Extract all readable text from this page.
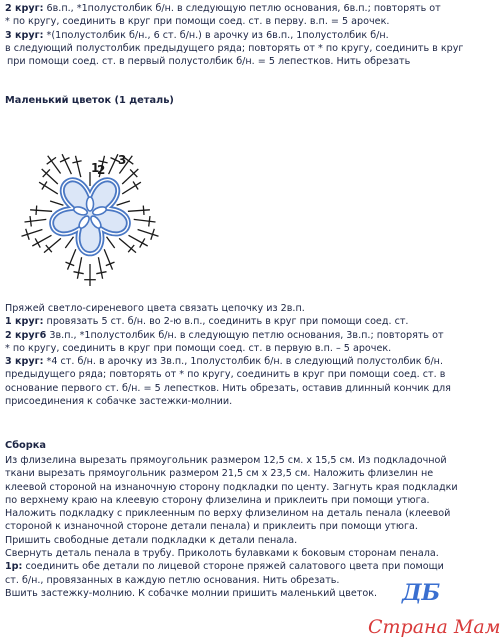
2 круг: 6в.п., *1полустолбик б/н. в следующую петлю основания, 6в.п.; повторять от

* по кругу, соединить в круг при помощи соед. ст. в перву. в.п. = 5 арочек.

3 круг: *(1полустолбик б/н., 6 ст. б/н.) в арочку из 6в.п., 1полустолбик б/н.

в следующий полустолбик предыдущего ряда; повторять от * по кругу, соединить в круг

при помощи соед. ст. в первый полустолбик б/н. = 5 лепестков. Нить обрезать

Маленький цветок (1 деталь)
1
2
3

Пряжей светло-сиреневого цвета связать цепочку из 2в.п.

1 круг: провязать 5 ст. б/н. во 2-ю в.п., соединить в круг при помощи соед. ст.

2 круг6 3в.п., *1полустолбик б/н. в следующую петлю основания, 3в.п.; повторять от

* по кругу, соединить в круг при помощи соед. ст. в первую в.п. – 5 арочек.

3 круг: *4 ст. б/н. в арочку из 3в.п., 1полустолбик б/н. в следующий полустолбик б/н.

предыдущего ряда; повторять от * по кругу, соединить в круг при помощи соед. ст. в

основание первого ст. б/н. = 5 лепестков. Нить обрезать, оставив длинный кончик для

присоединения к собачке застежки-молнии.

Сборка

Из флизелина вырезать прямоугольник размером 12,5 см. х 15,5 см. Из подкладочной

ткани вырезать прямоугольник размером 21,5 см х 23,5 см. Наложить флизелин не

клеевой стороной на изнаночную сторону подкладки по центу. Загнуть края подкладки

по верхнему краю на клеевую сторону флизелина и приклеить при помощи утюга.

Наложить подкладку с приклеенным по верху флизелином на деталь пенала (клеевой

стороной к изнаночной стороне детали пенала) и приклеить при помощи утюга.

Пришить свободные детали подкладки к детали пенала.

Свернуть деталь пенала в трубу. Приколоть булавками к боковым сторонам пенала.

1р: соединить обе детали по лицевой стороне пряжей салатового цвета при помощи

ст. б/н., провязанных в каждую петлю основания. Нить обрезать.

Вшить застежку-молнию. К собачке молнии пришить маленький цветок.	ДБ
Страна Мам
